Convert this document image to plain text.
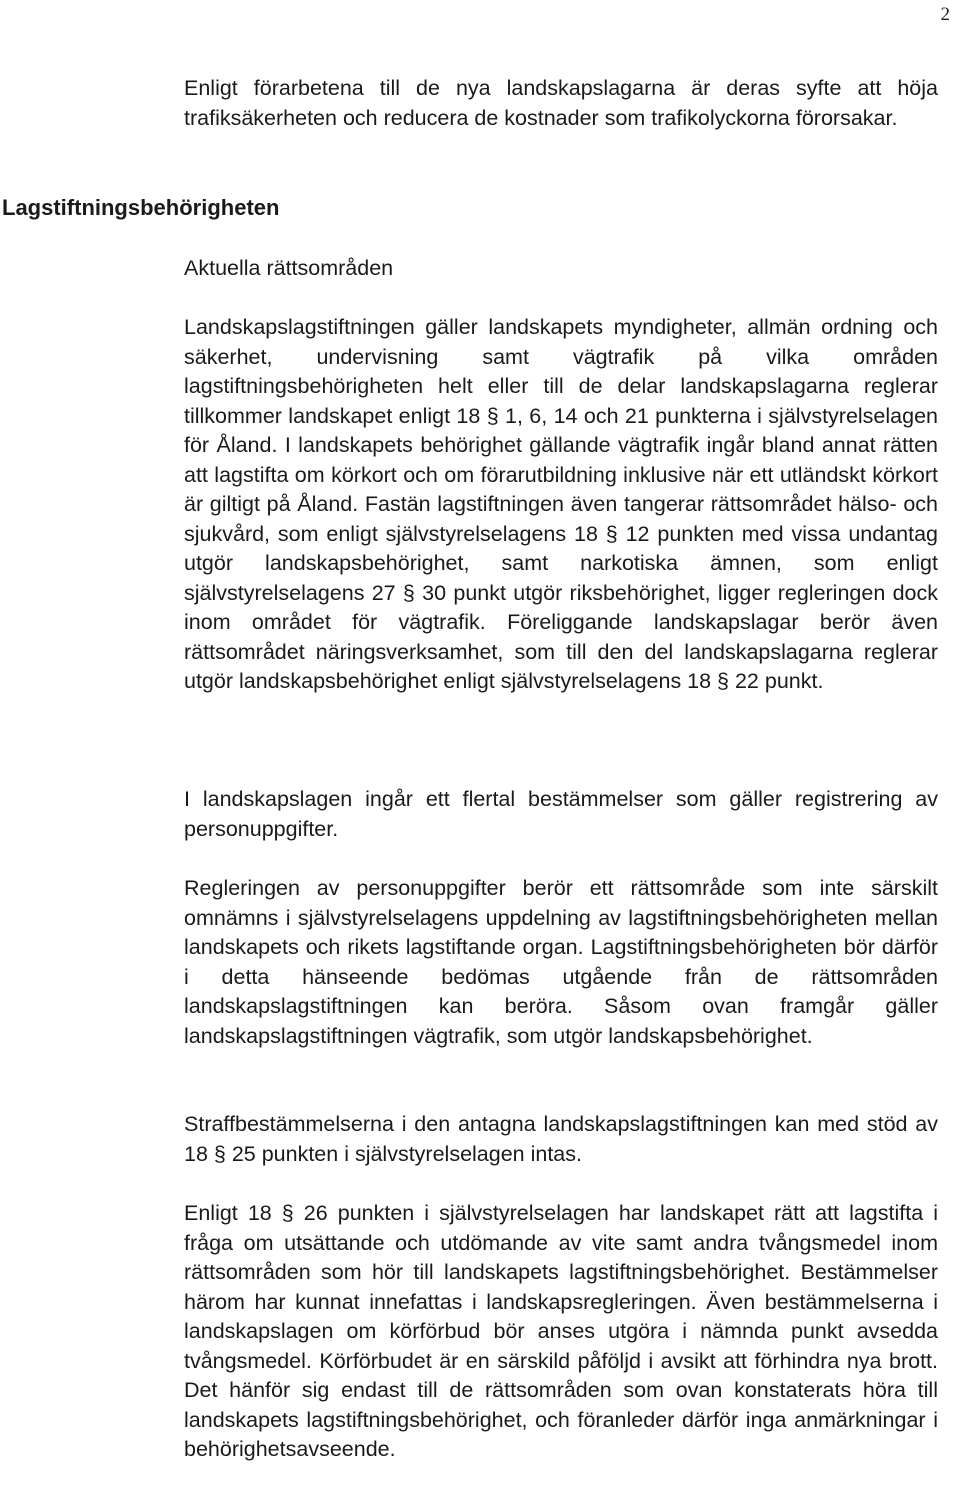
2

Enligt förarbetena till de nya landskapslagarna är deras syfte att höja trafiksäkerheten och reducera de kostnader som trafikolyckorna förorsakar.

Lagstiftningsbehörigheten

Aktuella rättsområden

Landskapslagstiftningen gäller landskapets myndigheter, allmän ordning och säkerhet, undervisning samt vägtrafik på vilka områden lagstiftningsbehörigheten helt eller till de delar landskapslagarna reglerar tillkommer landskapet enligt 18 § 1, 6, 14 och 21 punkterna i självstyrelselagen för Åland. I landskapets behörighet gällande vägtrafik ingår bland annat rätten att lagstifta om körkort och om förarutbildning inklusive när ett utländskt körkort är giltigt på Åland. Fastän lagstiftningen även tangerar rättsområdet hälso- och sjukvård, som enligt självstyrelselagens 18 § 12 punkten med vissa undantag utgör landskapsbehörighet, samt narkotiska ämnen, som enligt självstyrelselagens 27 § 30 punkt utgör riksbehörighet, ligger regleringen dock inom området för vägtrafik. Föreliggande landskapslagar berör även rättsområdet näringsverksamhet, som till den del landskapslagarna reglerar utgör landskapsbehörighet enligt självstyrelselagens 18 § 22 punkt.

I landskapslagen ingår ett flertal bestämmelser som gäller registrering av personuppgifter.

Regleringen av personuppgifter berör ett rättsområde som inte särskilt omnämns i självstyrelselagens uppdelning av lagstiftningsbehörigheten mellan landskapets och rikets lagstiftande organ. Lagstiftningsbehörigheten bör därför i detta hänseende bedömas utgående från de rättsområden landskapslagstiftningen kan beröra. Såsom ovan framgår gäller landskapslagstiftningen vägtrafik, som utgör landskapsbehörighet.

Straffbestämmelserna i den antagna landskapslagstiftningen kan med stöd av 18 § 25 punkten i självstyrelselagen intas.

Enligt 18 § 26 punkten i självstyrelselagen har landskapet rätt att lagstifta i fråga om utsättande och utdömande av vite samt andra tvångsmedel inom rättsområden som hör till landskapets lagstiftningsbehörighet. Bestämmelser härom har kunnat innefattas i landskapsregleringen. Även bestämmelserna i landskapslagen om körförbud bör anses utgöra i nämnda punkt avsedda tvångsmedel. Körförbudet är en särskild påföljd i avsikt att förhindra nya brott. Det hänför sig endast till de rättsområden som ovan konstaterats höra till landskapets lagstiftningsbehörighet, och föranleder därför inga anmärkningar i behörighetsavseende.
